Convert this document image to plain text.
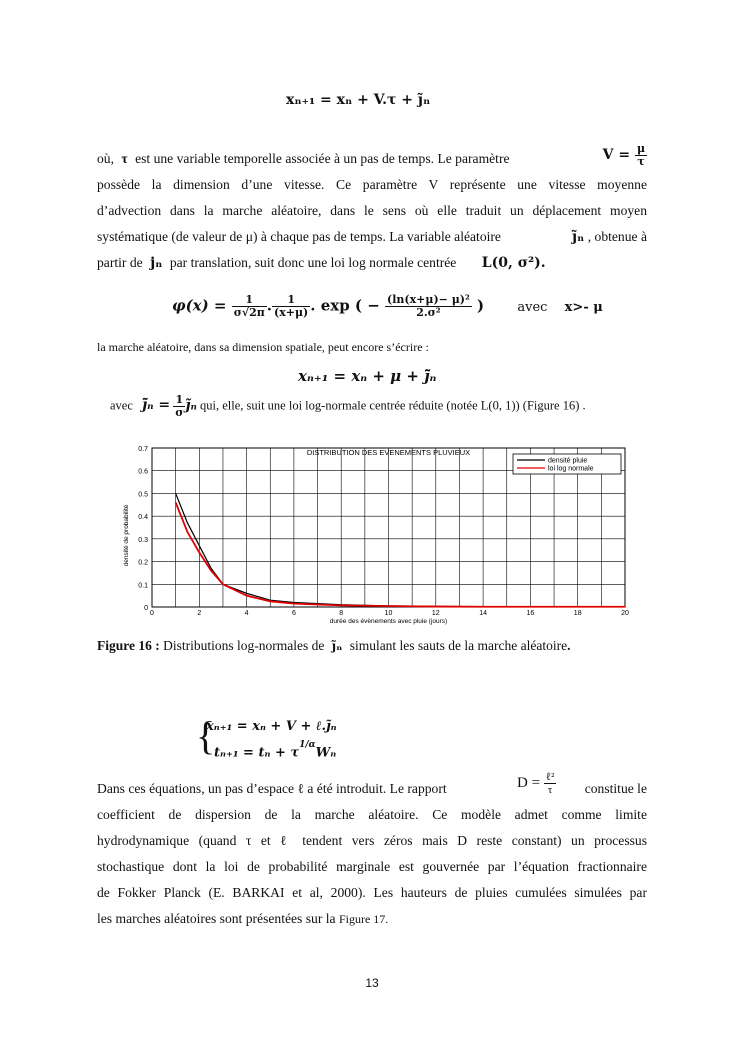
xₙ₊₁ = xₙ + V.τ + j̃ₙ
où, τ est une variable temporelle associée à un pas de temps. Le paramètre	$V = \frac{\mu}{\tau}$
possède la dimension d’une vitesse. Ce paramètre V représente une vitesse moyenne
d’advection dans la marche aléatoire, dans le sens où elle traduit un déplacement moyen
systématique (de valeur de μ) à chaque pas de temps. La variable aléatoire	j̃ₙ , obtenue à
partir de jₙ par translation, suit donc une loi log normale centrée L(0, σ²).
$\varphi(x) = \frac{1}{\sigma√2\pi}$ . $\frac{1}{(x+\mu)}$ . exp ( − $\frac{\text{(ln(x+μ)− μ)²}}{\text{2.σ²}}$ )	avec x>- μ
la marche aléatoire, dans sa dimension spatiale, peut encore s’écrire :
xₙ₊₁ = xₙ + μ + j̃̄ₙ
avec j̃̄ₙ = $\frac{1}{\sigma}$ j̃ₙ qui, elle, suit une loi log-normale centrée réduite (notée L(0, 1)) (Figure 16) .
0
0.1
0.2
0.3
0.4
0.5
0.6
0.7
0	2	4	6	8	10	12	14	16	18	20
DISTRIBUTION DES EVENEMENTS PLUVIEUX
durée des évènements avec pluie (jours)
densité de probabilité
densité pluie
loi log normale
Figure 16 : Distributions log-normales de j̃ₙ simulant les sauts de la marche aléatoire.
{
xₙ₊₁ = xₙ + V + ℓ.j̃ₙ
$t_{n+1} = t_n + \tau^{1/\alpha}W_n$
Dans ces équations, un pas d’espace ℓ a été introduit. Le rapport	$D = \frac{\text{ℓ²}}{\tau}$ constitue le
coefficient de dispersion de la marche aléatoire. Ce modèle admet comme limite
hydrodynamique (quand τ et ℓ tendent vers zéros mais D reste constant) un processus
stochastique dont la loi de probabilité marginale est gouvernée par l’équation fractionnaire
de Fokker Planck (E. BARKAI et al, 2000). Les hauteurs de pluies cumulées simulées par
les marches aléatoires sont présentées sur la Figure 17.
13
